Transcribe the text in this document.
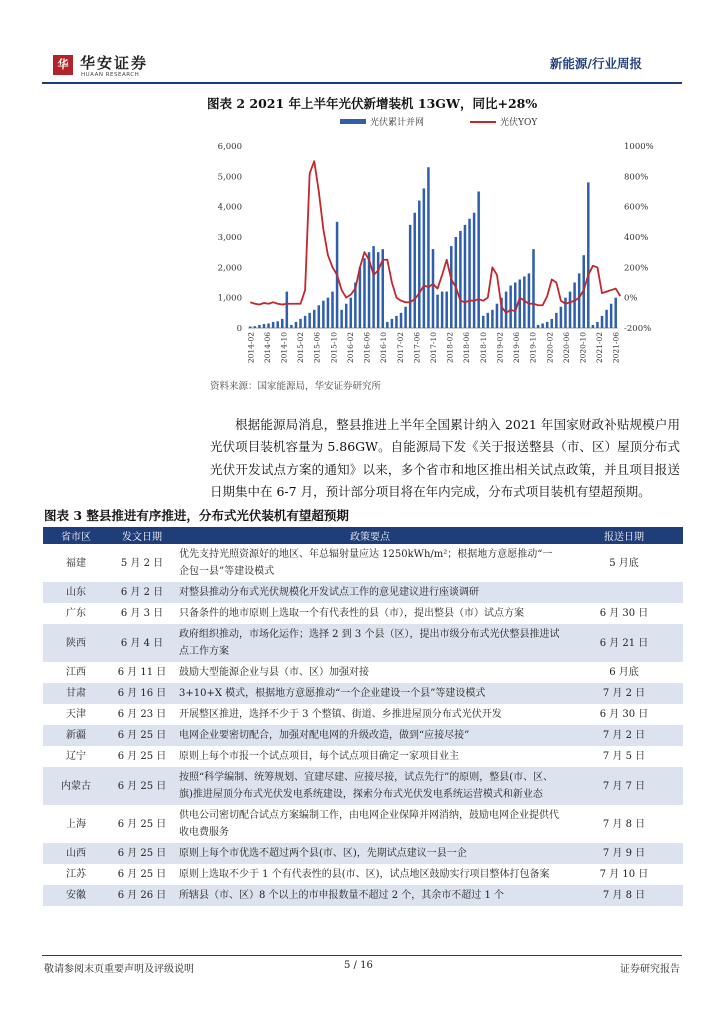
华 华安证券
HUAAN RESEARCH
新能源/行业周报
图表 2 2021 年上半年光伏新增装机 13GW，同比+28%
光伏累计并网	光伏YOY
0
1,000
2,000
3,000
4,000
5,000
6,000
-200%
0%
200%
400%
600%
800%
1000%
2014-02 2014-06 2014-10 2015-02 2015-06 2015-10 2016-02 2016-06 2016-10 2017-02 2017-06 2017-10 2018-02 2018-06 2018-10 2019-02 2019-06 2019-10 2020-02 2020-06 2020-10 2021-02 2021-06
资料来源：国家能源局，华安证券研究所
根据能源局消息，整县推进上半年全国累计纳入 2021 年国家财政补贴规模户用光伏项目装机容量为 5.86GW。自能源局下发《关于报送整县（市、区）屋顶分布式光伏开发试点方案的通知》以来，多个省市和地区推出相关试点政策，并且项目报送日期集中在 6-7 月，预计部分项目将在年内完成，分布式项目装机有望超预期。
图表 3 整县推进有序推进，分布式光伏装机有望超预期
省市区	发文日期	政策要点	报送日期
福建	5 月 2 日	优先支持光照资源好的地区、年总辐射量应达 1250kWh/m²；根据地方意愿推动“一企包一县”等建设模式	5 月底
山东	6 月 2 日	对整县推动分布式光伏规模化开发试点工作的意见建议进行座谈调研	
广东	6 月 3 日	只备条件的地市原则上选取一个有代表性的县（市），提出整县（市）试点方案	6 月 30 日
陕西	6 月 4 日	政府组织推动，市场化运作；选择 2 到 3 个县（区），提出市级分布式光伏整县推进试点工作方案	6 月 21 日
江西	6 月 11 日	鼓励大型能源企业与县（市、区）加强对接	6 月底
甘肃	6 月 16 日	3+10+X 模式，根据地方意愿推动“一个企业建设一个县”等建设模式	7 月 2 日
天津	6 月 23 日	开展整区推进，选择不少于 3 个整镇、街道、乡推进屋顶分布式光伏开发	6 月 30 日
新疆	6 月 25 日	电网企业要密切配合，加强对配电网的升级改造，做到“应接尽接”	7 月 2 日
辽宁	6 月 25 日	原则上每个市报一个试点项目，每个试点项目确定一家项目业主	7 月 5 日
内蒙古	6 月 25 日	按照“科学编制、统筹规划、宜建尽建、应接尽接，试点先行”的原则，整县(市、区、旗)推进屋顶分布式光伏发电系统建设，探索分布式光伏发电系统运营模式和新业态	7 月 7 日
上海	6 月 25 日	供电公司密切配合试点方案编制工作，由电网企业保障并网消纳，鼓励电网企业提供代收电费服务	7 月 8 日
山西	6 月 25 日	原则上每个市优选不超过两个县(市、区)，先期试点建议一县一企	7 月 9 日
江苏	6 月 25 日	原则上选取不少于 1 个有代表性的县(市、区)，试点地区鼓励实行项目整体打包备案	7 月 10 日
安徽	6 月 26 日	所辖县（市、区）8 个以上的市申报数量不超过 2 个，其余市不超过 1 个	7 月 8 日
敬请参阅末页重要声明及评级说明	5 / 16	证券研究报告
